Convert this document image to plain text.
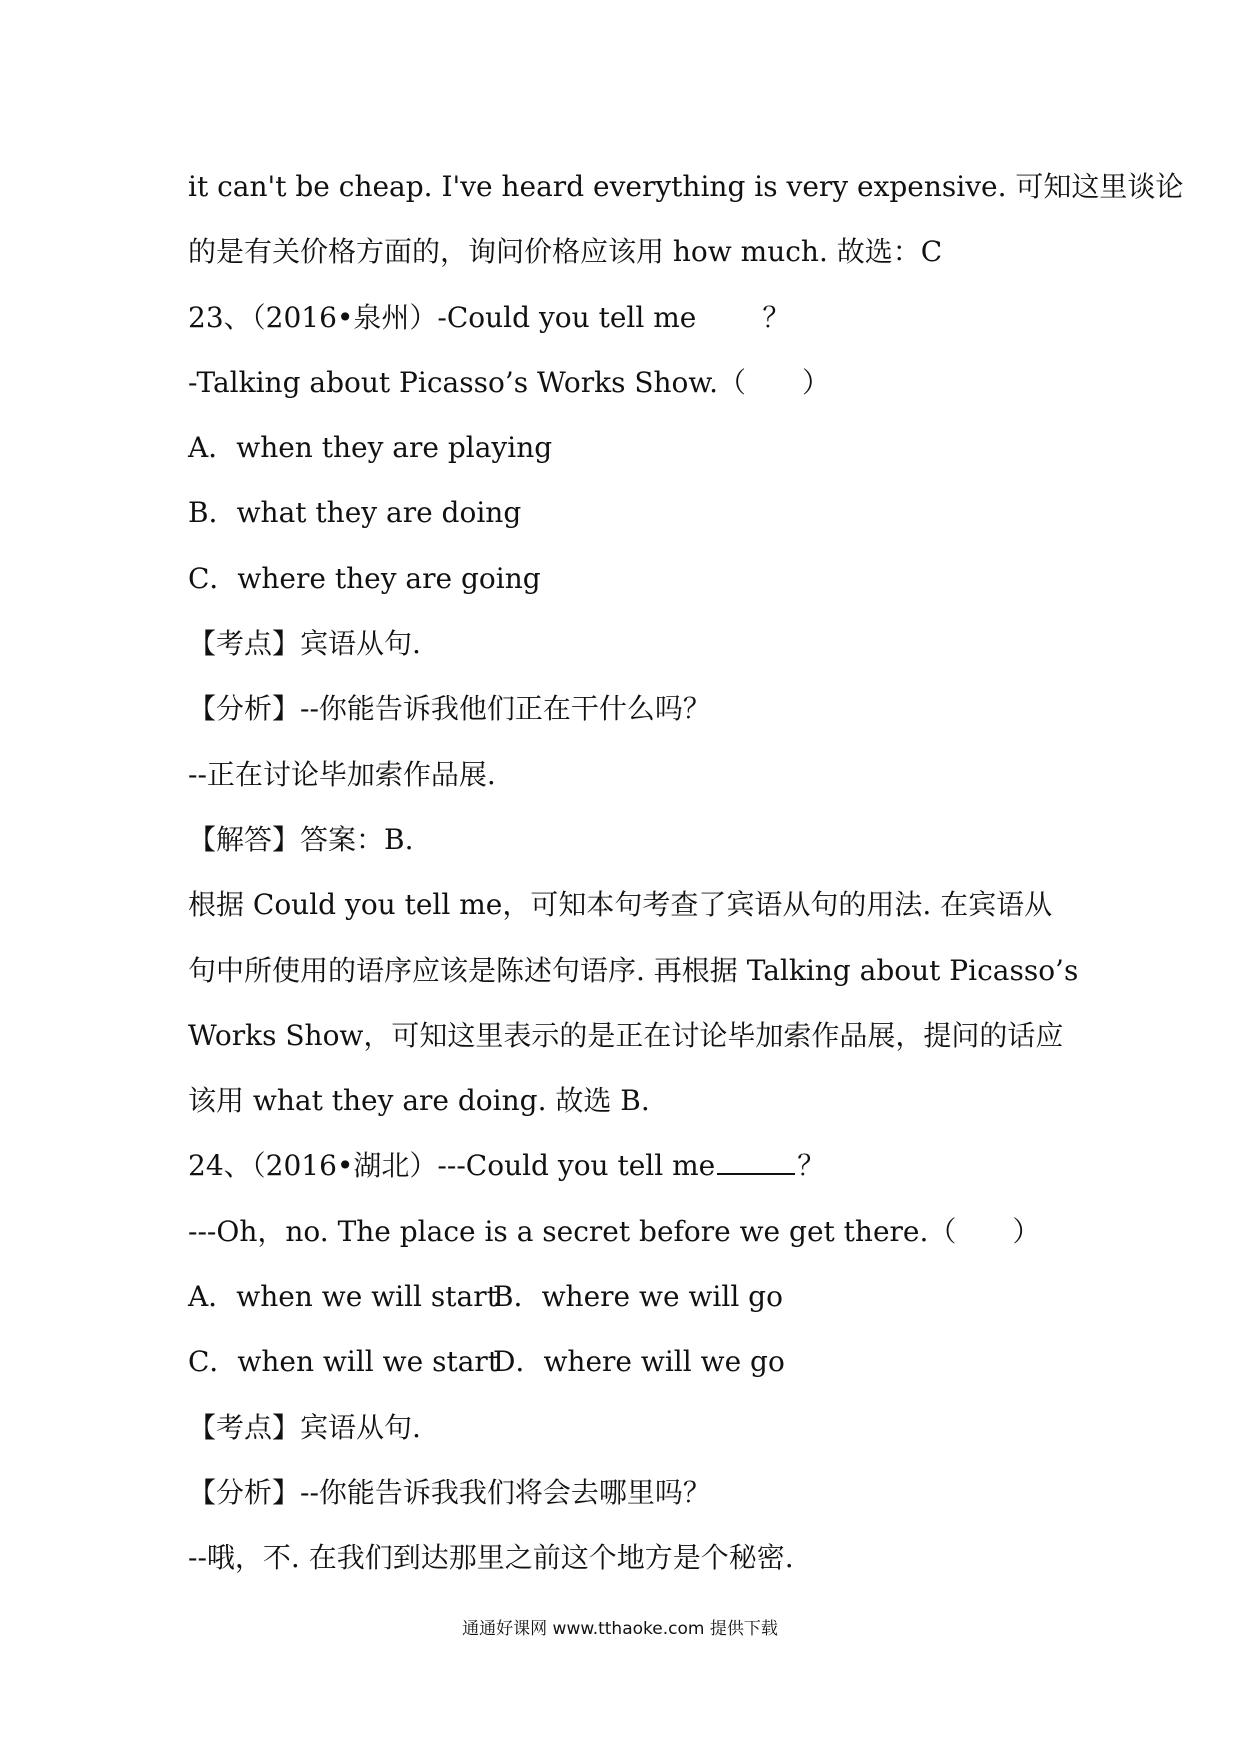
it can't be cheap. I've heard everything is very expensive. 可知这里谈论
的是有关价格方面的，询问价格应该用 how much. 故选：C
23、（2016•泉州）-Could you tell me ？
-Talking about Picasso’s Works Show.（　　）
A．when they are playing
B．what they are doing
C．where they are going
【考点】宾语从句.
【分析】--你能告诉我他们正在干什么吗？
--正在讨论毕加索作品展.
【解答】答案：B.
根据 Could you tell me，可知本句考查了宾语从句的用法. 在宾语从
句中所使用的语序应该是陈述句语序. 再根据 Talking about Picasso’s
Works Show，可知这里表示的是正在讨论毕加索作品展，提问的话应
该用 what they are doing. 故选 B.
24、（2016•湖北）---Could you tell me	？
---Oh，no. The place is a secret before we get there.（　　）
A．when we will start
B．where we will go
C．when will we start
D．where will we go
【考点】宾语从句.
【分析】--你能告诉我我们将会去哪里吗？
--哦，不. 在我们到达那里之前这个地方是个秘密.
通通好课网 www.tthaoke.com 提供下载
